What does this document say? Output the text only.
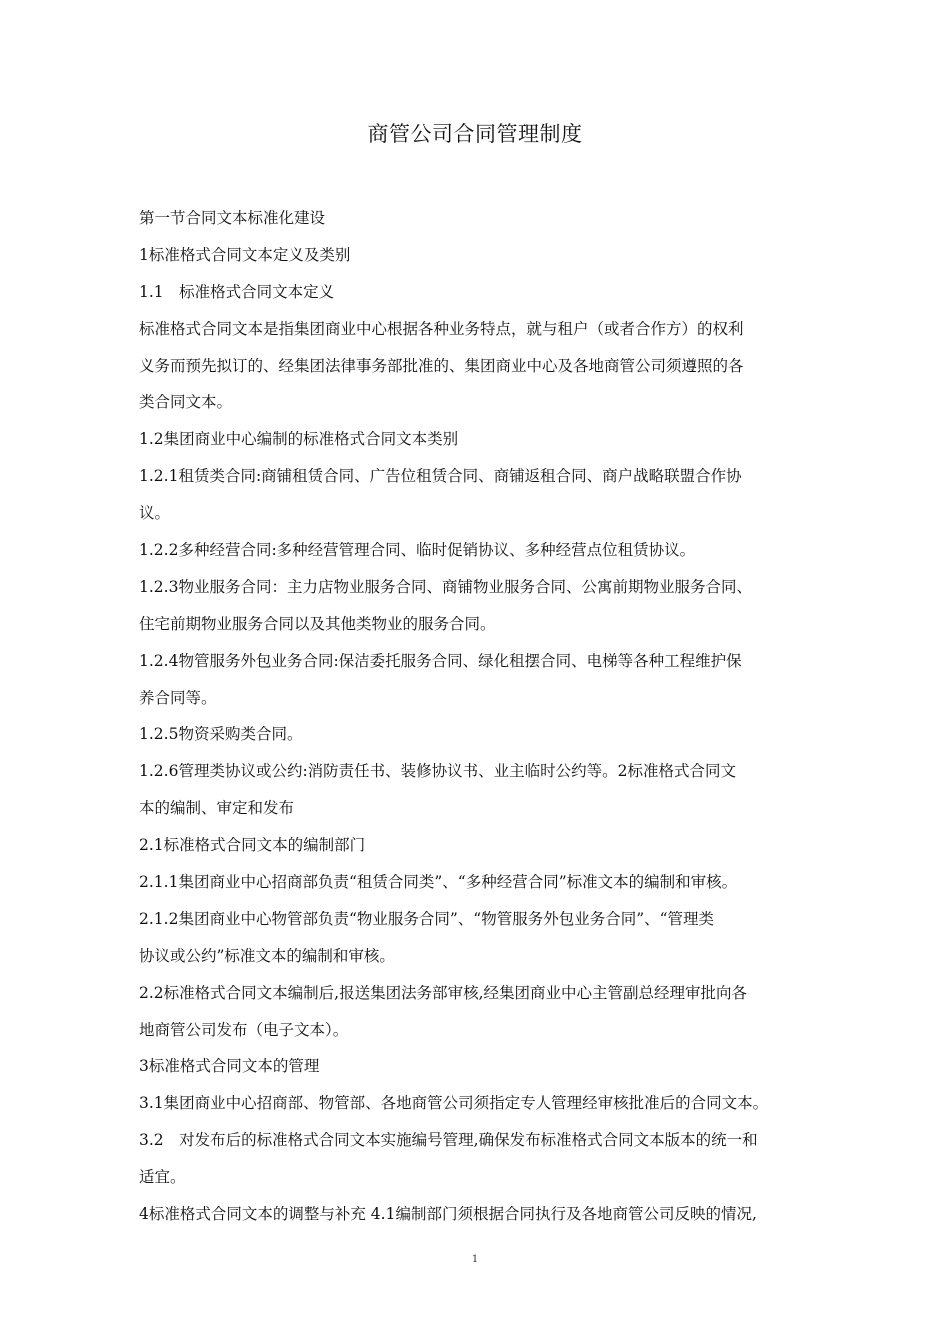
商管公司合同管理制度
第一节合同文本标准化建设
1标准格式合同文本定义及类别
1.1　标准格式合同文本定义
标准格式合同文本是指集团商业中心根据各种业务特点，就与租户（或者合作方）的权利
义务而预先拟订的、经集团法律事务部批准的、集团商业中心及各地商管公司须遵照的各
类合同文本。
1.2集团商业中心编制的标准格式合同文本类别
1.2.1租赁类合同:商铺租赁合同、广告位租赁合同、商铺返租合同、商户战略联盟合作协
议。
1.2.2多种经营合同:多种经营管理合同、临时促销协议、多种经营点位租赁协议。
1.2.3物业服务合同：主力店物业服务合同、商铺物业服务合同、公寓前期物业服务合同、
住宅前期物业服务合同以及其他类物业的服务合同。
1.2.4物管服务外包业务合同:保洁委托服务合同、绿化租摆合同、电梯等各种工程维护保
养合同等。
1.2.5物资采购类合同。
1.2.6管理类协议或公约:消防责任书、装修协议书、业主临时公约等。2标准格式合同文
本的编制、审定和发布
2.1标准格式合同文本的编制部门
2.1.1集团商业中心招商部负责“租赁合同类”、“多种经营合同”标准文本的编制和审核。
2.1.2集团商业中心物管部负责“物业服务合同”、“物管服务外包业务合同”、“管理类
协议或公约”标准文本的编制和审核。
2.2标准格式合同文本编制后,报送集团法务部审核,经集团商业中心主管副总经理审批向各
地商管公司发布（电子文本）。
3标准格式合同文本的管理
3.1集团商业中心招商部、物管部、各地商管公司须指定专人管理经审核批准后的合同文本。
3.2　对发布后的标准格式合同文本实施编号管理,确保发布标准格式合同文本版本的统一和
适宜。
4标准格式合同文本的调整与补充 4.1编制部门须根据合同执行及各地商管公司反映的情况,
1
